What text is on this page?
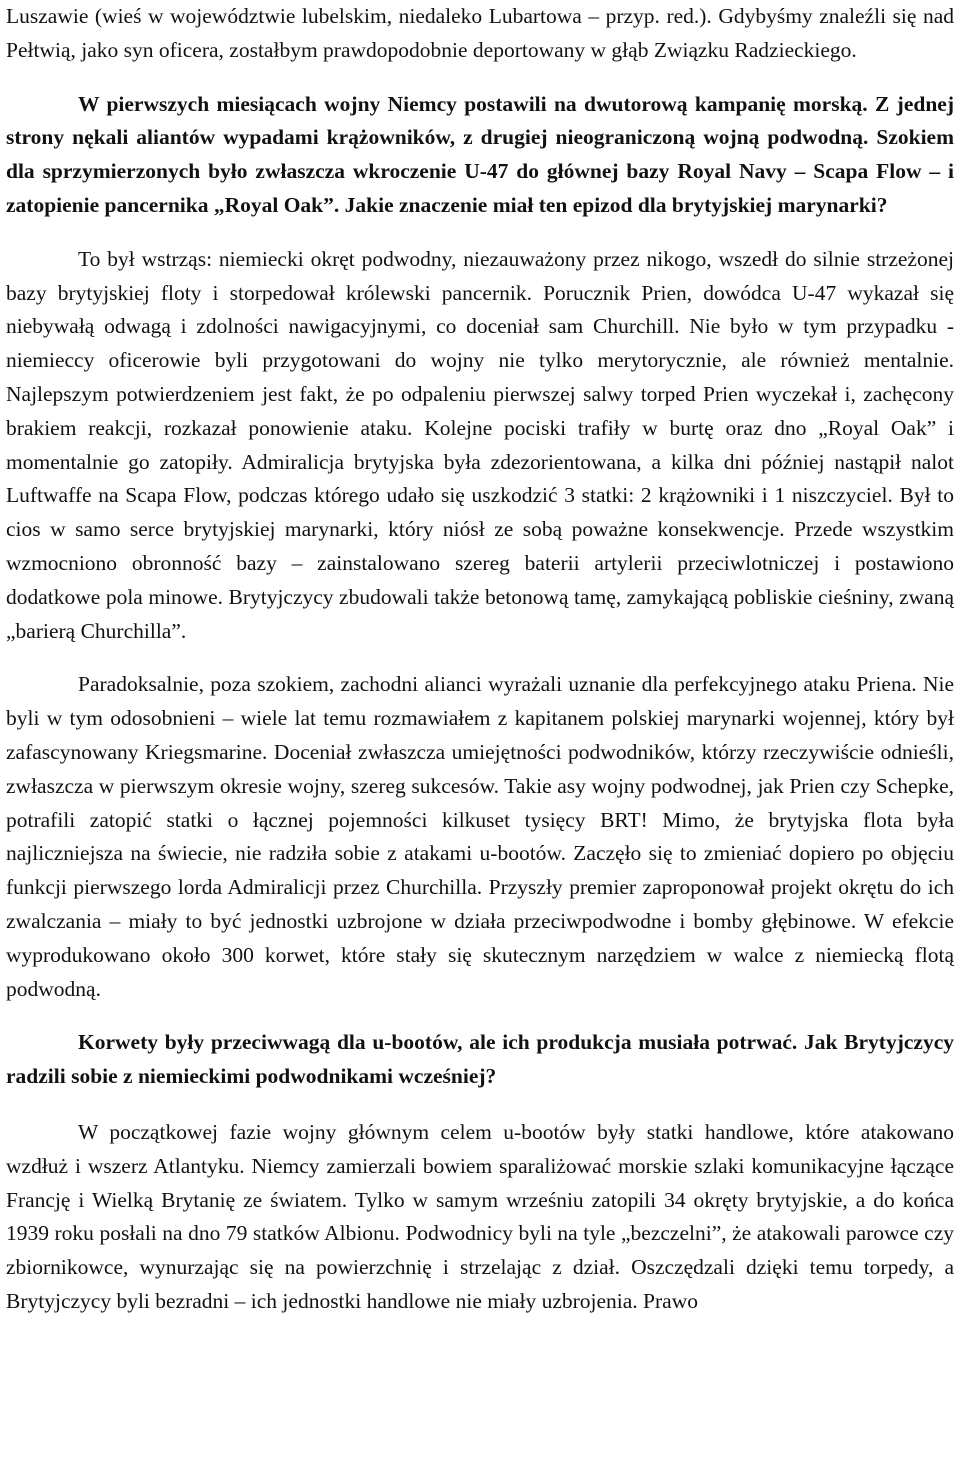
Luszawie (wieś w województwie lubelskim, niedaleko Lubartowa – przyp. red.). Gdybyśmy znaleźli się nad Pełtwią, jako syn oficera, zostałbym prawdopodobnie deportowany w głąb Związku Radzieckiego.

W pierwszych miesiącach wojny Niemcy postawili na dwutorową kampanię morską. Z jednej strony nękali aliantów wypadami krążowników, z drugiej nieograniczoną wojną podwodną. Szokiem dla sprzymierzonych było zwłaszcza wkroczenie U-47 do głównej bazy Royal Navy – Scapa Flow – i zatopienie pancernika „Royal Oak”. Jakie znaczenie miał ten epizod dla brytyjskiej marynarki?

To był wstrząs: niemiecki okręt podwodny, niezauważony przez nikogo, wszedł do silnie strzeżonej bazy brytyjskiej floty i storpedował królewski pancernik. Porucznik Prien, dowódca U-47 wykazał się niebywałą odwagą i zdolności nawigacyjnymi, co doceniał sam Churchill. Nie było w tym przypadku - niemieccy oficerowie byli przygotowani do wojny nie tylko merytorycznie, ale również mentalnie. Najlepszym potwierdzeniem jest fakt, że po odpaleniu pierwszej salwy torped Prien wyczekał i, zachęcony brakiem reakcji, rozkazał ponowienie ataku. Kolejne pociski trafiły w burtę oraz dno „Royal Oak” i momentalnie go zatopiły. Admiralicja brytyjska była zdezorientowana, a kilka dni później nastąpił nalot Luftwaffe na Scapa Flow, podczas którego udało się uszkodzić 3 statki: 2 krążowniki i 1 niszczyciel. Był to cios w samo serce brytyjskiej marynarki, który niósł ze sobą poważne konsekwencje. Przede wszystkim wzmocniono obronność bazy – zainstalowano szereg baterii artylerii przeciwlotniczej i postawiono dodatkowe pola minowe. Brytyjczycy zbudowali także betonową tamę, zamykającą pobliskie cieśniny, zwaną „barierą Churchilla”.

Paradoksalnie, poza szokiem, zachodni alianci wyrażali uznanie dla perfekcyjnego ataku Priena. Nie byli w tym odosobnieni – wiele lat temu rozmawiałem z kapitanem polskiej marynarki wojennej, który był zafascynowany Kriegsmarine. Doceniał zwłaszcza umiejętności podwodników, którzy rzeczywiście odnieśli, zwłaszcza w pierwszym okresie wojny, szereg sukcesów. Takie asy wojny podwodnej, jak Prien czy Schepke, potrafili zatopić statki o łącznej pojemności kilkuset tysięcy BRT! Mimo, że brytyjska flota była najliczniejsza na świecie, nie radziła sobie z atakami u-bootów. Zaczęło się to zmieniać dopiero po objęciu funkcji pierwszego lorda Admiralicji przez Churchilla. Przyszły premier zaproponował projekt okrętu do ich zwalczania – miały to być jednostki uzbrojone w działa przeciwpodwodne i bomby głębinowe. W efekcie wyprodukowano około 300 korwet, które stały się skutecznym narzędziem w walce z niemiecką flotą podwodną.

Korwety były przeciwwagą dla u-bootów, ale ich produkcja musiała potrwać. Jak Brytyjczycy radzili sobie z niemieckimi podwodnikami wcześniej?

W początkowej fazie wojny głównym celem u-bootów były statki handlowe, które atakowano wzdłuż i wszerz Atlantyku. Niemcy zamierzali bowiem sparaliżować morskie szlaki komunikacyjne łączące Francję i Wielką Brytanię ze światem. Tylko w samym wrześniu zatopili 34 okręty brytyjskie, a do końca 1939 roku posłali na dno 79 statków Albionu. Podwodnicy byli na tyle „bezczelni”, że atakowali parowce czy zbiornikowce, wynurzając się na powierzchnię i strzelając z dział. Oszczędzali dzięki temu torpedy, a Brytyjczycy byli bezradni – ich jednostki handlowe nie miały uzbrojenia. Prawo
